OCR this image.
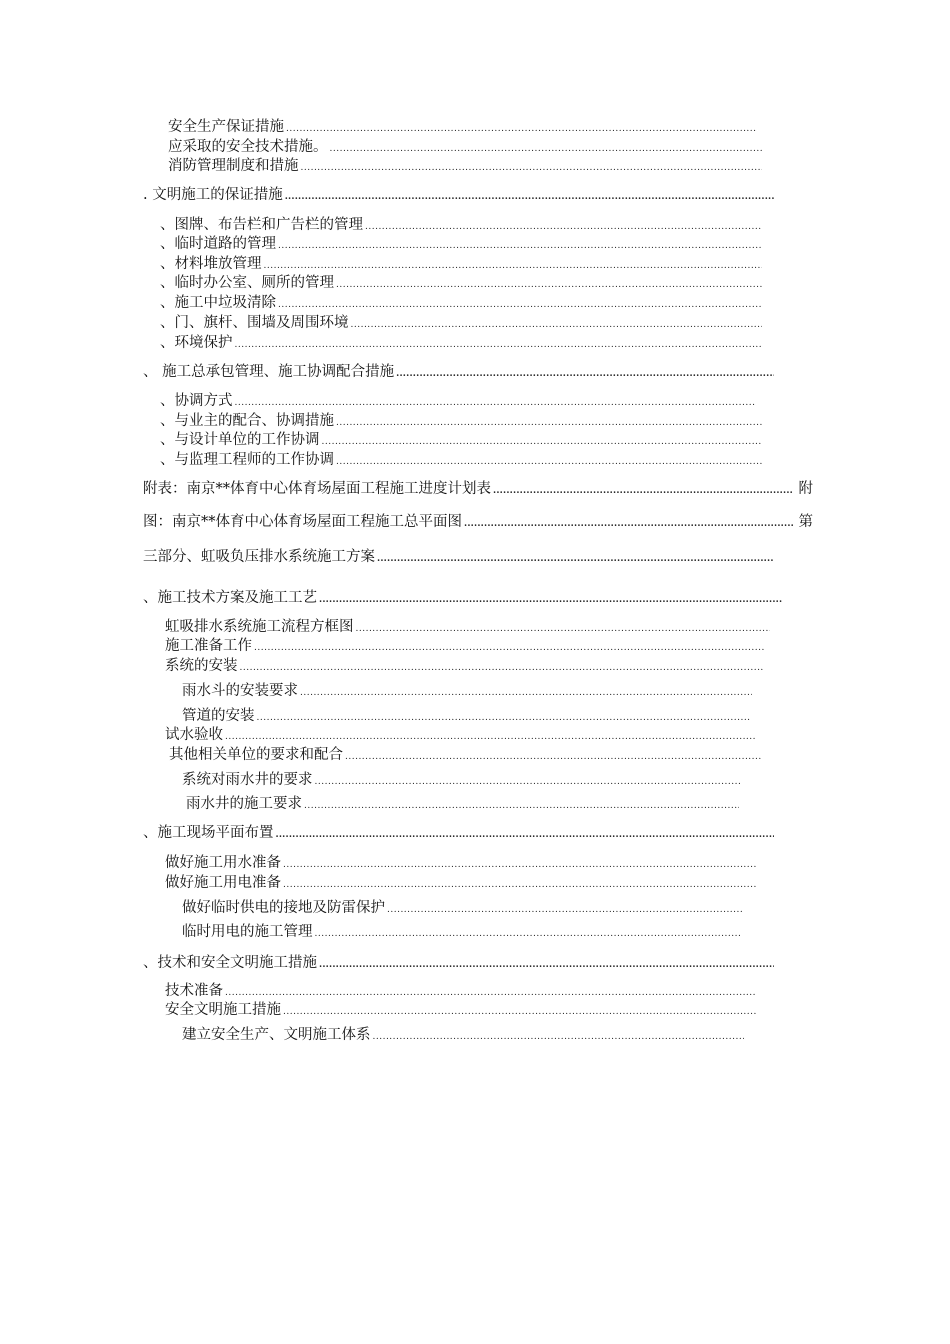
安全生产保证措施
.....
应采取的安全技术措施。
.....
消防管理制度和措施
.....
. 文明施工的保证措施
.....
、图牌、布告栏和广告栏的管理
.....
、临时道路的管理
.....
、材料堆放管理
.....
、临时办公室、厕所的管理
.....
、施工中垃圾清除
.....
、门、旗杆、围墙及周围环境
.....
、环境保护
.....
、 施工总承包管理、施工协调配合措施
.....
、协调方式
.....
、与业主的配合、协调措施
.....
、与设计单位的工作协调
.....
、与监理工程师的工作协调
.....
附表：南京**体育中心体育场屋面工程施工进度计划表 .....	附
图：南京**体育中心体育场屋面工程施工总平面图 .....	第
三部分、虹吸负压排水系统施工方案
.....
、施工技术方案及施工工艺
.....
虹吸排水系统施工流程方框图
.....
施工准备工作
.....
系统的安装
.....
雨水斗的安装要求
.....
管道的安装
.....
试水验收
.....
其他相关单位的要求和配合
.....
系统对雨水井的要求
.....
雨水井的施工要求
.....
、施工现场平面布置
.....
做好施工用水准备
.....
做好施工用电准备
.....
做好临时供电的接地及防雷保护
.....
临时用电的施工管理
.....
、技术和安全文明施工措施
.....
技术准备
.....
安全文明施工措施
.....
建立安全生产、文明施工体系
.....
